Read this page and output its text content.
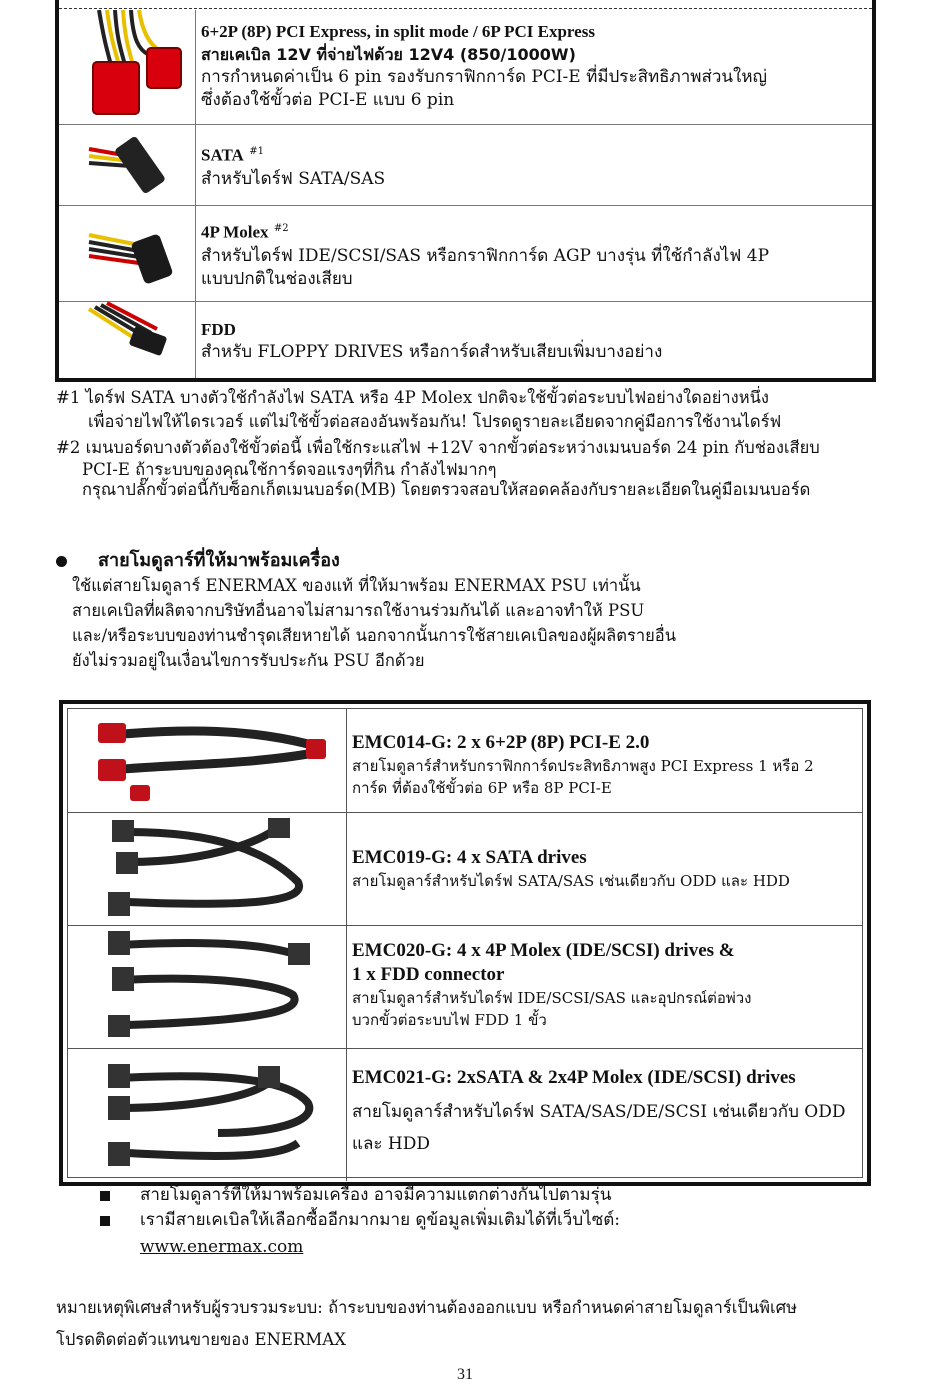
6+2P (8P) PCI Express, in split mode / 6P PCI Express
สายเคเบิล 12V ที่จ่ายไฟด้วย 12V4 (850/1000W)
การกำหนดค่าเป็น 6 pin รองรับกราฟิกการ์ด PCI-E ที่มีประสิทธิภาพส่วนใหญ่
ซึ่งต้องใช้ขั้วต่อ PCI-E แบบ 6 pin
SATA $^{\#1}$
สำหรับไดร์ฟ SATA/SAS
4P Molex $^{\#2}$
สำหรับไดร์ฟ IDE/SCSI/SAS หรือกราฟิกการ์ด AGP บางรุ่น ที่ใช้กำลังไฟ 4P
แบบปกติในช่องเสียบ
FDD
สำหรับ FLOPPY DRIVES หรือการ์ดสำหรับเสียบเพิ่มบางอย่าง
#1 ไดร์ฟ SATA บางตัวใช้กำลังไฟ SATA หรือ 4P Molex ปกติจะใช้ขั้วต่อระบบไฟอย่างใดอย่างหนึ่ง
เพื่อจ่ายไฟให้ไดรเวอร์ แต่ไม่ใช้ขั้วต่อสองอันพร้อมกัน! โปรดดูรายละเอียดจากคู่มือการใช้งานไดร์ฟ
#2 เมนบอร์ดบางตัวต้องใช้ขั้วต่อนี้ เพื่อใช้กระแสไฟ +12V จากขั้วต่อระหว่างเมนบอร์ด 24 pin กับช่องเสียบ
PCI-E ถ้าระบบของคุณใช้การ์ดจอแรงๆที่กิน กำลังไฟมากๆ
กรุณาปลั๊กขั้วต่อนี้กับซ็อกเก็ตเมนบอร์ด(MB) โดยตรวจสอบให้สอดคล้องกับรายละเอียดในคู่มือเมนบอร์ด
สายโมดูลาร์ที่ให้มาพร้อมเครื่อง
ใช้แต่สายโมดูลาร์ ENERMAX ของแท้ ที่ให้มาพร้อม ENERMAX PSU เท่านั้น
สายเคเบิลที่ผลิตจากบริษัทอื่นอาจไม่สามารถใช้งานร่วมกันได้ และอาจทำให้ PSU
และ/หรือระบบของท่านชำรุดเสียหายได้ นอกจากนั้นการใช้สายเคเบิลของผู้ผลิตรายอื่น
ยังไม่รวมอยู่ในเงื่อนไขการรับประกัน PSU อีกด้วย
EMC014-G: 2 x 6+2P (8P) PCI-E 2.0
สายโมดูลาร์สำหรับกราฟิกการ์ดประสิทธิภาพสูง PCI Express 1 หรือ 2
การ์ด ที่ต้องใช้ขั้วต่อ 6P หรือ 8P PCI-E
EMC019-G: 4 x SATA drives
สายโมดูลาร์สำหรับไดร์ฟ SATA/SAS เช่นเดียวกับ ODD และ HDD
EMC020-G: 4 x 4P Molex (IDE/SCSI) drives &
1 x FDD connector
สายโมดูลาร์สำหรับไดร์ฟ IDE/SCSI/SAS และอุปกรณ์ต่อพ่วง
บวกขั้วต่อระบบไฟ FDD 1 ขั้ว
EMC021-G: 2xSATA & 2x4P Molex (IDE/SCSI) drives
สายโมดูลาร์สำหรับไดร์ฟ SATA/SAS/DE/SCSI เช่นเดียวกับ ODD
และ HDD
สายโมดูลาร์ที่ให้มาพร้อมเครื่อง อาจมีความแตกต่างกันไปตามรุ่น
เรามีสายเคเบิลให้เลือกซื้ออีกมากมาย ดูข้อมูลเพิ่มเติมได้ที่เว็บไซต์:
www.enermax.com
หมายเหตุพิเศษสำหรับผู้รวบรวมระบบ: ถ้าระบบของท่านต้องออกแบบ หรือกำหนดค่าสายโมดูลาร์เป็นพิเศษ
โปรดติดต่อตัวแทนขายของ ENERMAX
31
